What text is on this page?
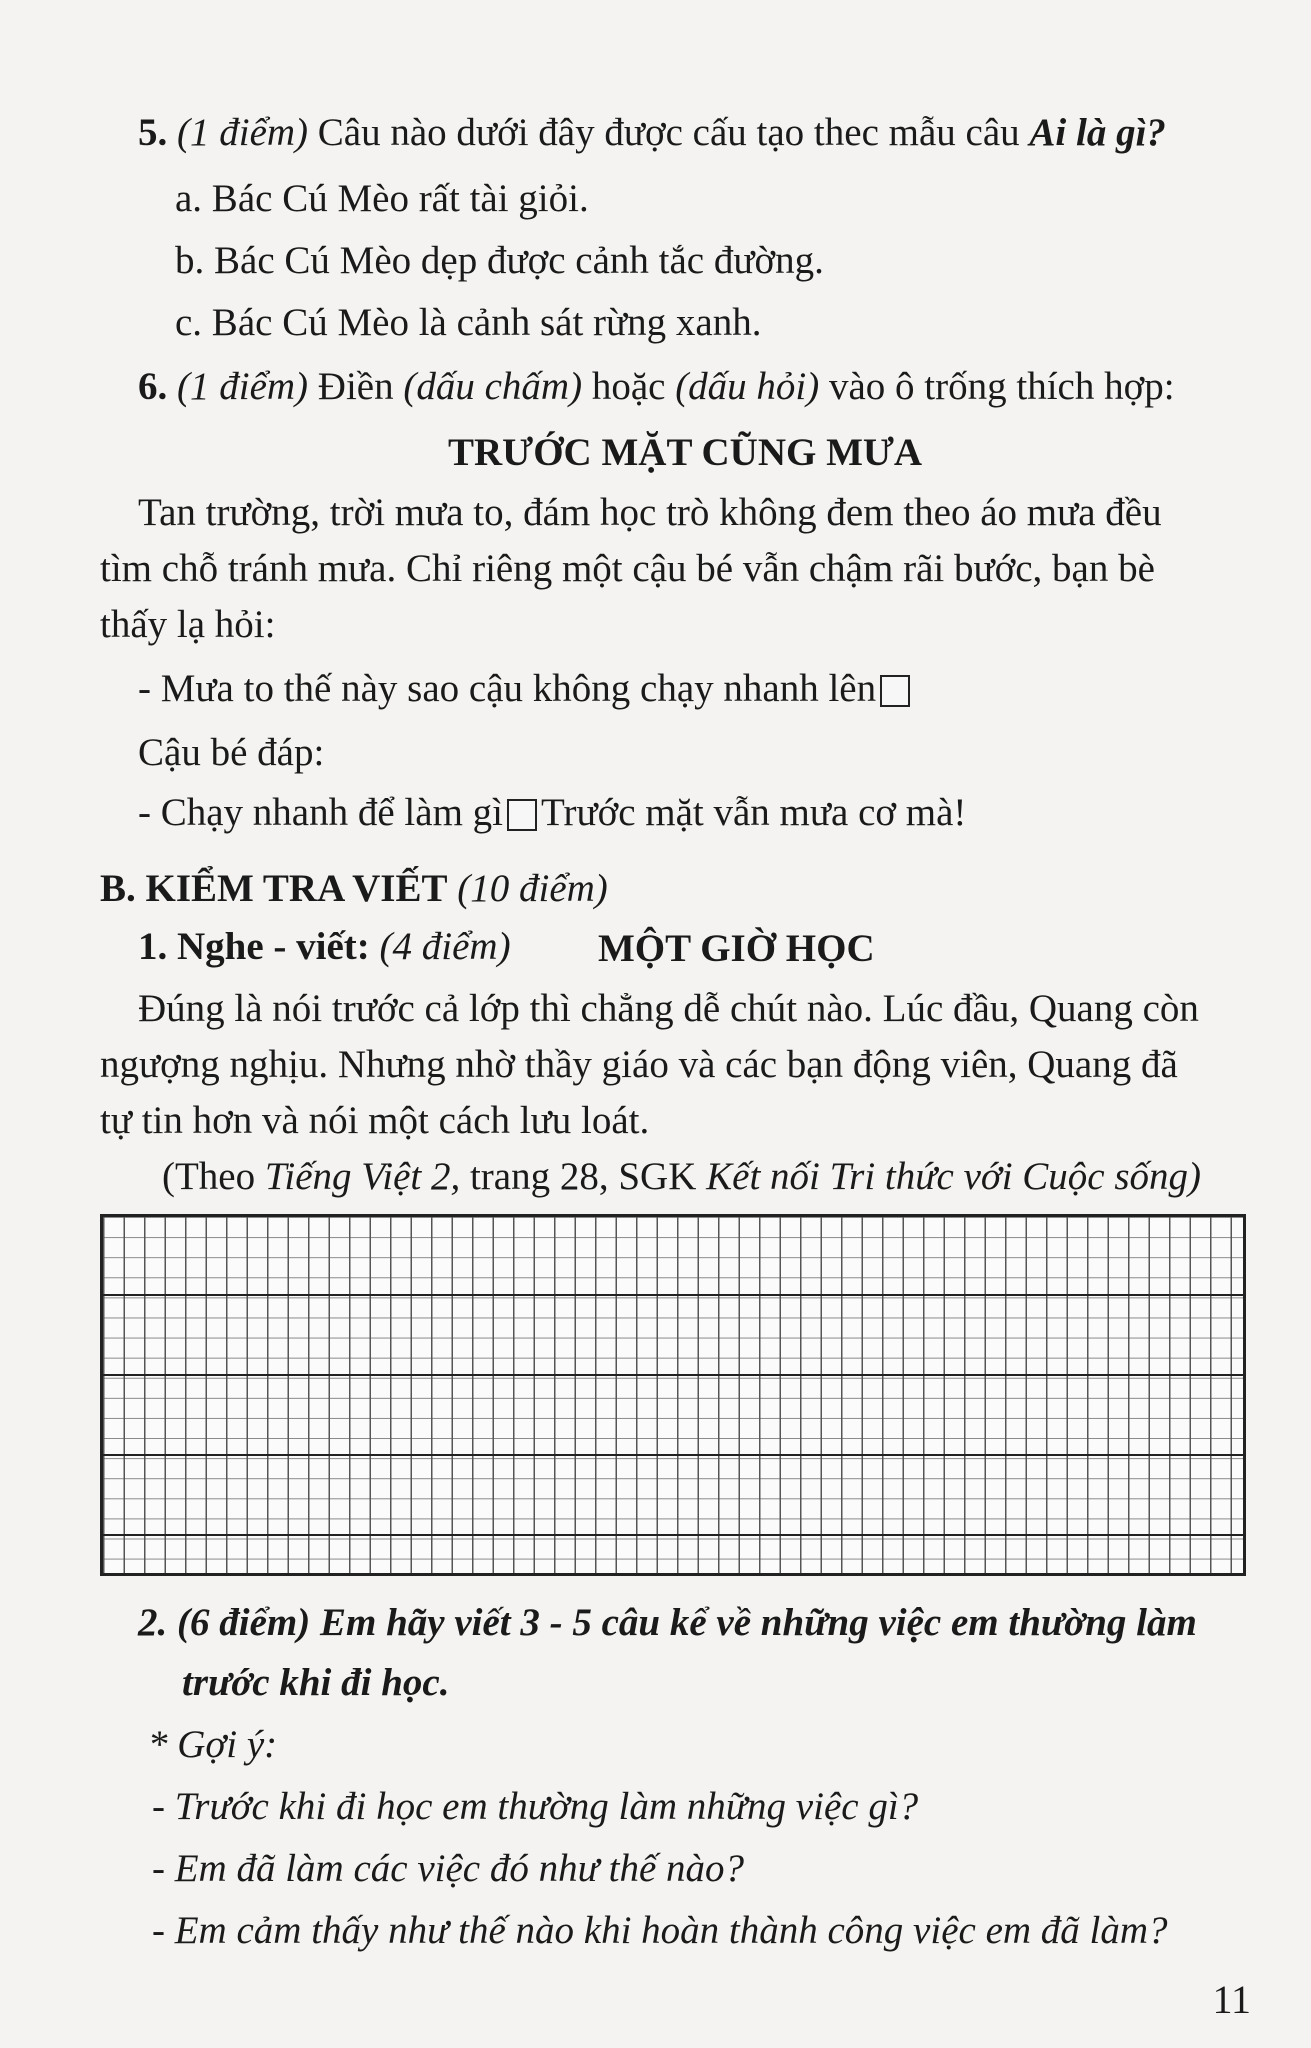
5. (1 điểm) Câu nào dưới đây được cấu tạo thec mẫu câu Ai là gì?
a. Bác Cú Mèo rất tài giỏi.
b. Bác Cú Mèo dẹp được cảnh tắc đường.
c. Bác Cú Mèo là cảnh sát rừng xanh.
6. (1 điểm) Điền (dấu chấm) hoặc (dấu hỏi) vào ô trống thích hợp:
TRƯỚC MẶT CŨNG MƯA
Tan trường, trời mưa to, đám học trò không đem theo áo mưa đều
tìm chỗ tránh mưa. Chỉ riêng một cậu bé vẫn chậm rãi bước, bạn bè
thấy lạ hỏi:
- Mưa to thế này sao cậu không chạy nhanh lên
Cậu bé đáp:
- Chạy nhanh để làm gì Trước mặt vẫn mưa cơ mà!
B. KIỂM TRA VIẾT (10 điểm)
1. Nghe - viết: (4 điểm) MỘT GIỜ HỌC
Đúng là nói trước cả lớp thì chẳng dễ chút nào. Lúc đầu, Quang còn
ngượng nghịu. Nhưng nhờ thầy giáo và các bạn động viên, Quang đã
tự tin hơn và nói một cách lưu loát.
(Theo Tiếng Việt 2, trang 28, SGK Kết nối Tri thức với Cuộc sống)
2. (6 điểm) Em hãy viết 3 - 5 câu kể về những việc em thường làm
trước khi đi học.
* Gợi ý:
- Trước khi đi học em thường làm những việc gì?
- Em đã làm các việc đó như thế nào?
- Em cảm thấy như thế nào khi hoàn thành công việc em đã làm?
11
